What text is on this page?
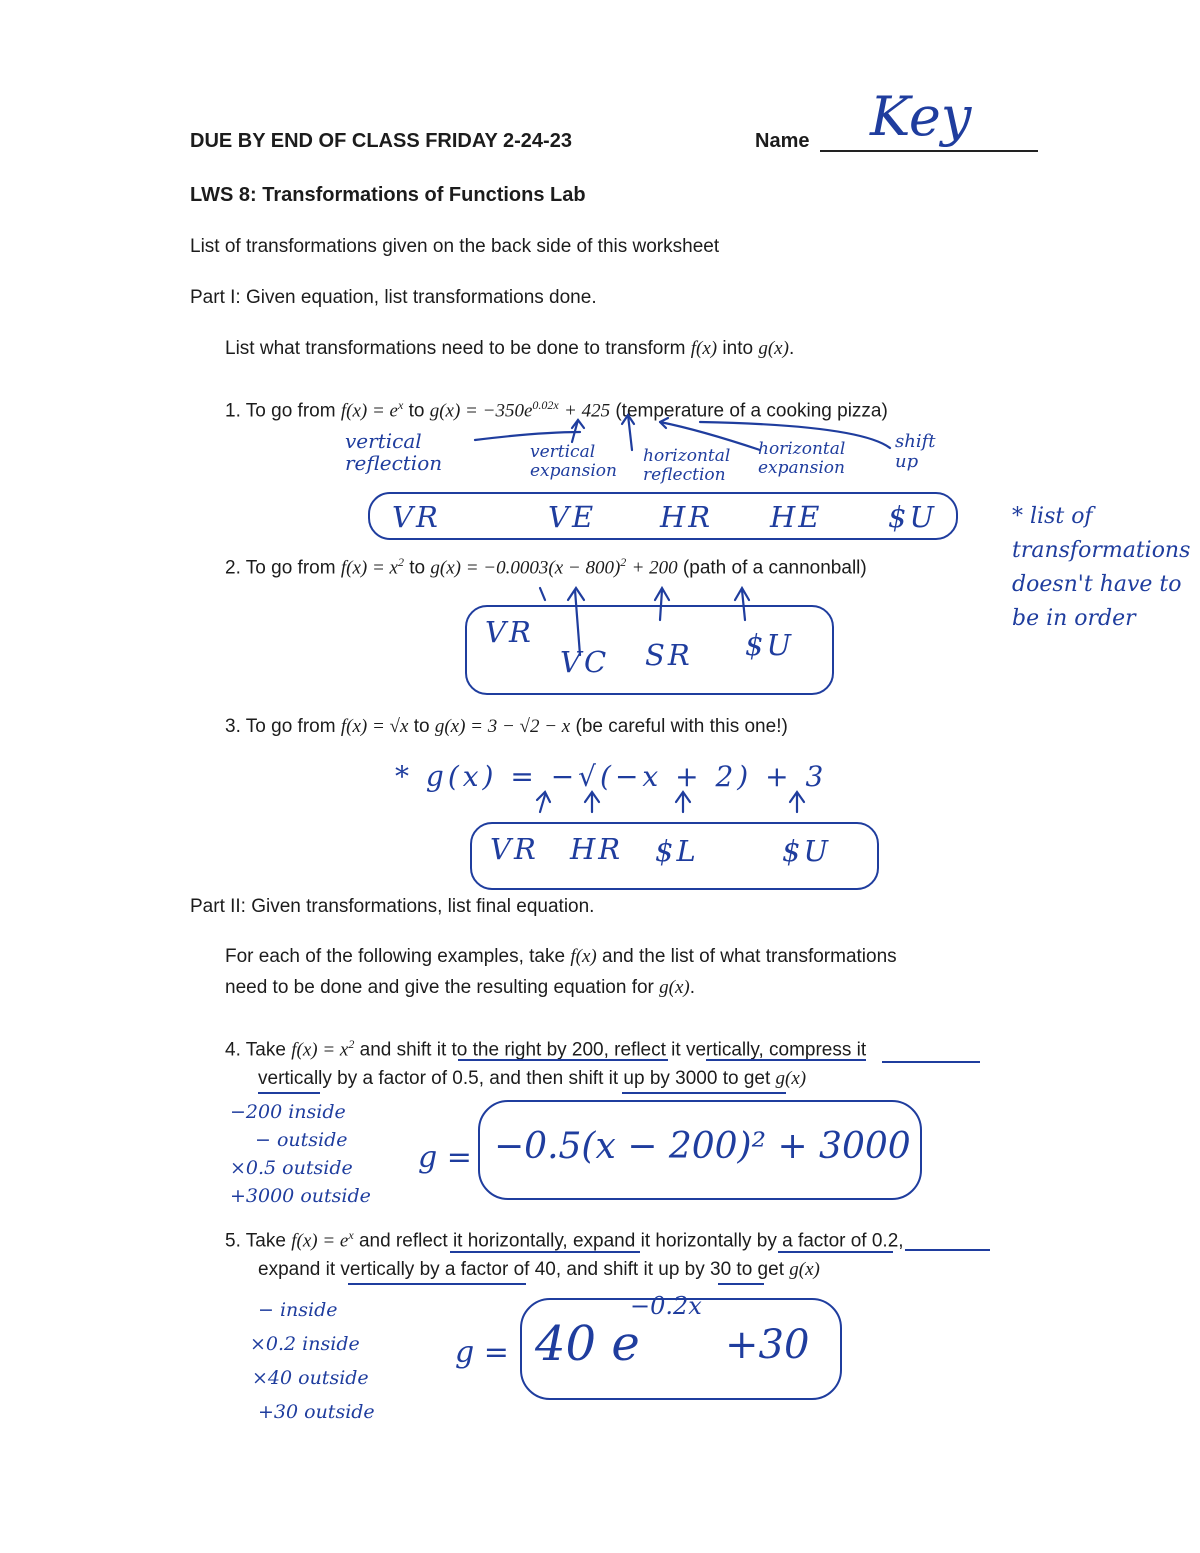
DUE BY END OF CLASS FRIDAY 2-24-23	Name Key
LWS 8: Transformations of Functions Lab
List of transformations given on the back side of this worksheet
Part I: Given equation, list transformations done.
List what transformations need to be done to transform f(x) into g(x).
1. To go from $f(x) = e^x$ to $g(x) = -350e^{0.02x} + 425$ (temperature of a cooking pizza)
vertical reflection	vertical expansion
horizontal reflection
horizontal expansion
shift up
VR	VE HR HE $U	* list of
transformations
doesn't have to
be in order
2. To go from $f(x) = x^2$ to $g(x) = -0.0003(x - 800)^2 + 200$ (path of a cannonball)
VR
VC SR $U
3. To go from f(x) = √x to g(x) = 3 − √2 − x (be careful with this one!)
* g(x) = −√(−x + 2) + 3
VR HR $L	$U
Part II: Given transformations, list final equation.
For each of the following examples, take f(x) and the list of what transformations
need to be done and give the resulting equation for g(x).
4. Take $f(x) = x^2$ and shift it to the right by 200, reflect it vertically, compress it
vertically by a factor of 0.5, and then shift it up by 3000 to get g(x)
−200 inside
− outside
×0.5 outside
+3000 outside
g = −0.5(x − 200)² + 3000
5. Take $f(x) = e^x$ and reflect it horizontally, expand it horizontally by a factor of 0.2,
expand it vertically by a factor of 40, and shift it up by 30 to get g(x)
− inside
×0.2 inside
×40 outside
+30 outside
g = 40 e
−0.2x
+30
